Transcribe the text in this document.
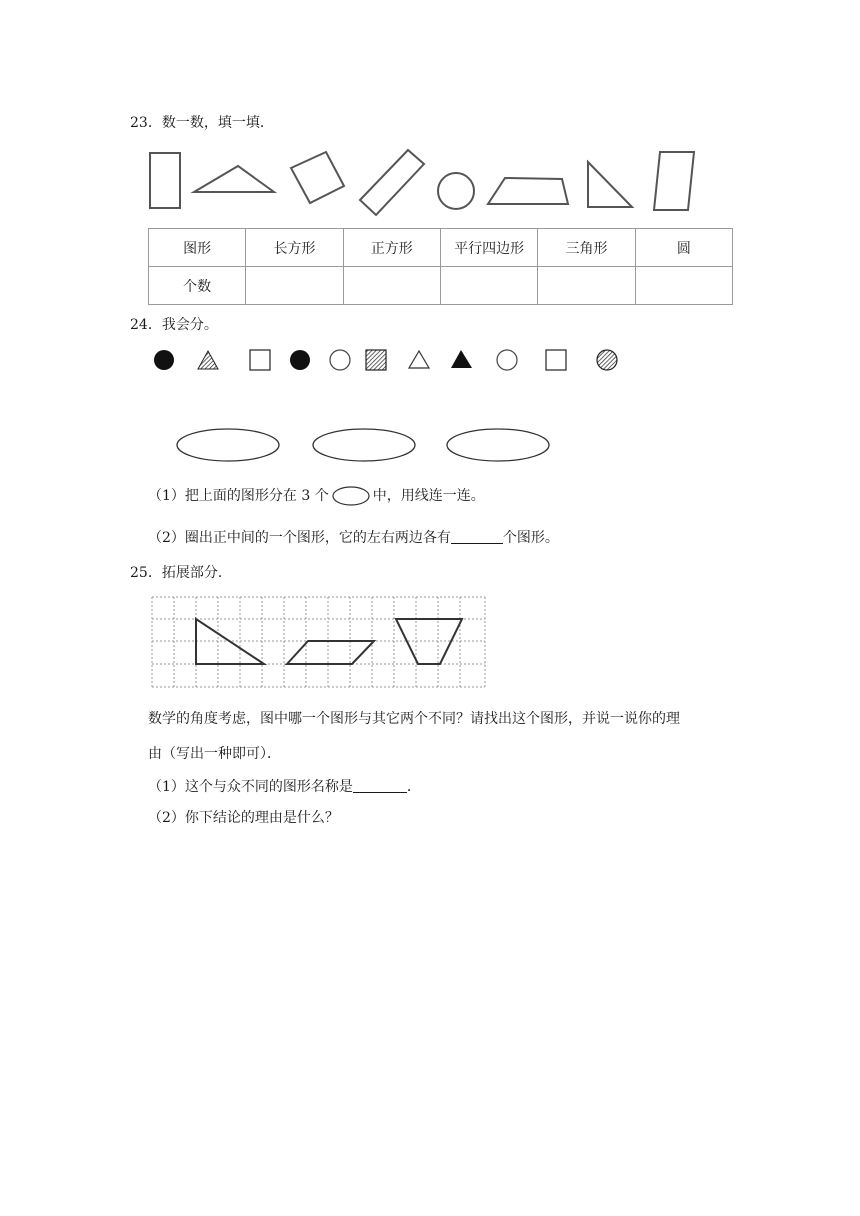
23．数一数，填一填．
图形	长方形	正方形	平行四边形	三角形	圆
个数					
24．我会分。
（1）把上面的图形分在 3 个	中，用线连一连。
（2）圈出正中间的一个图形，它的左右两边各有	个图形。
25．拓展部分．
数学的角度考虑，图中哪一个图形与其它两个不同？请找出这个图形，并说一说你的理
由（写出一种即可）．
（1）这个与众不同的图形名称是	．
（2）你下结论的理由是什么？
